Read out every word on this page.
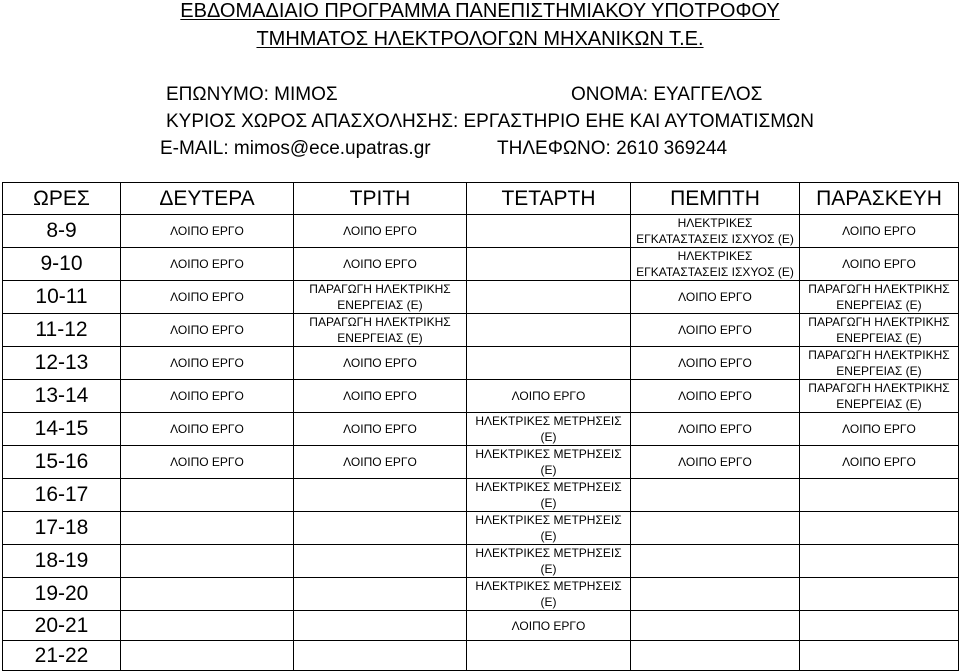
ΕΒΔΟΜΑΔΙΑΙΟ ΠΡΟΓΡΑΜΜΑ ΠΑΝΕΠΙΣΤΗΜΙΑΚΟΥ ΥΠΟΤΡΟΦΟΥ
ΤΜΗΜΑΤΟΣ ΗΛΕΚΤΡΟΛΟΓΩΝ ΜΗΧΑΝΙΚΩΝ Τ.Ε.
ΕΠΩΝΥΜΟ: ΜΙΜΟΣ	ΟΝΟΜΑ: ΕΥΑΓΓΕΛΟΣ
ΚΥΡΙΟΣ ΧΩΡΟΣ ΑΠΑΣΧΟΛΗΣΗΣ: ΕΡΓΑΣΤΗΡΙΟ ΕΗΕ ΚΑΙ ΑΥΤΟΜΑΤΙΣΜΩΝ
E-MAIL: mimos@ece.upatras.gr	ΤΗΛΕΦΩΝΟ: 2610 369244
ΩΡΕΣ	ΔΕΥΤΕΡΑ	ΤΡΙΤΗ	ΤΕΤΑΡΤΗ	ΠΕΜΠΤΗ	ΠΑΡΑΣΚΕΥΗ
8-9	ΛΟΙΠΟ ΕΡΓΟ	ΛΟΙΠΟ ΕΡΓΟ		ΗΛΕΚΤΡΙΚΕΣ ΕΓΚΑΤΑΣΤΑΣΕΙΣ ΙΣΧΥΟΣ (Ε)	ΛΟΙΠΟ ΕΡΓΟ
9-10	ΛΟΙΠΟ ΕΡΓΟ	ΛΟΙΠΟ ΕΡΓΟ		ΗΛΕΚΤΡΙΚΕΣ ΕΓΚΑΤΑΣΤΑΣΕΙΣ ΙΣΧΥΟΣ (Ε)	ΛΟΙΠΟ ΕΡΓΟ
10-11	ΛΟΙΠΟ ΕΡΓΟ	ΠΑΡΑΓΩΓΗ ΗΛΕΚΤΡΙΚΗΣ ΕΝΕΡΓΕΙΑΣ (Ε)		ΛΟΙΠΟ ΕΡΓΟ	ΠΑΡΑΓΩΓΗ ΗΛΕΚΤΡΙΚΗΣ ΕΝΕΡΓΕΙΑΣ (Ε)
11-12	ΛΟΙΠΟ ΕΡΓΟ	ΠΑΡΑΓΩΓΗ ΗΛΕΚΤΡΙΚΗΣ ΕΝΕΡΓΕΙΑΣ (Ε)		ΛΟΙΠΟ ΕΡΓΟ	ΠΑΡΑΓΩΓΗ ΗΛΕΚΤΡΙΚΗΣ ΕΝΕΡΓΕΙΑΣ (Ε)
12-13	ΛΟΙΠΟ ΕΡΓΟ	ΛΟΙΠΟ ΕΡΓΟ		ΛΟΙΠΟ ΕΡΓΟ	ΠΑΡΑΓΩΓΗ ΗΛΕΚΤΡΙΚΗΣ ΕΝΕΡΓΕΙΑΣ (Ε)
13-14	ΛΟΙΠΟ ΕΡΓΟ	ΛΟΙΠΟ ΕΡΓΟ	ΛΟΙΠΟ ΕΡΓΟ	ΛΟΙΠΟ ΕΡΓΟ	ΠΑΡΑΓΩΓΗ ΗΛΕΚΤΡΙΚΗΣ ΕΝΕΡΓΕΙΑΣ (Ε)
14-15	ΛΟΙΠΟ ΕΡΓΟ	ΛΟΙΠΟ ΕΡΓΟ	ΗΛΕΚΤΡΙΚΕΣ ΜΕΤΡΗΣΕΙΣ (Ε)	ΛΟΙΠΟ ΕΡΓΟ	ΛΟΙΠΟ ΕΡΓΟ
15-16	ΛΟΙΠΟ ΕΡΓΟ	ΛΟΙΠΟ ΕΡΓΟ	ΗΛΕΚΤΡΙΚΕΣ ΜΕΤΡΗΣΕΙΣ (Ε)	ΛΟΙΠΟ ΕΡΓΟ	ΛΟΙΠΟ ΕΡΓΟ
16-17			ΗΛΕΚΤΡΙΚΕΣ ΜΕΤΡΗΣΕΙΣ (Ε)		
17-18			ΗΛΕΚΤΡΙΚΕΣ ΜΕΤΡΗΣΕΙΣ (Ε)		
18-19			ΗΛΕΚΤΡΙΚΕΣ ΜΕΤΡΗΣΕΙΣ (Ε)		
19-20			ΗΛΕΚΤΡΙΚΕΣ ΜΕΤΡΗΣΕΙΣ (Ε)		
20-21			ΛΟΙΠΟ ΕΡΓΟ		
21-22					
